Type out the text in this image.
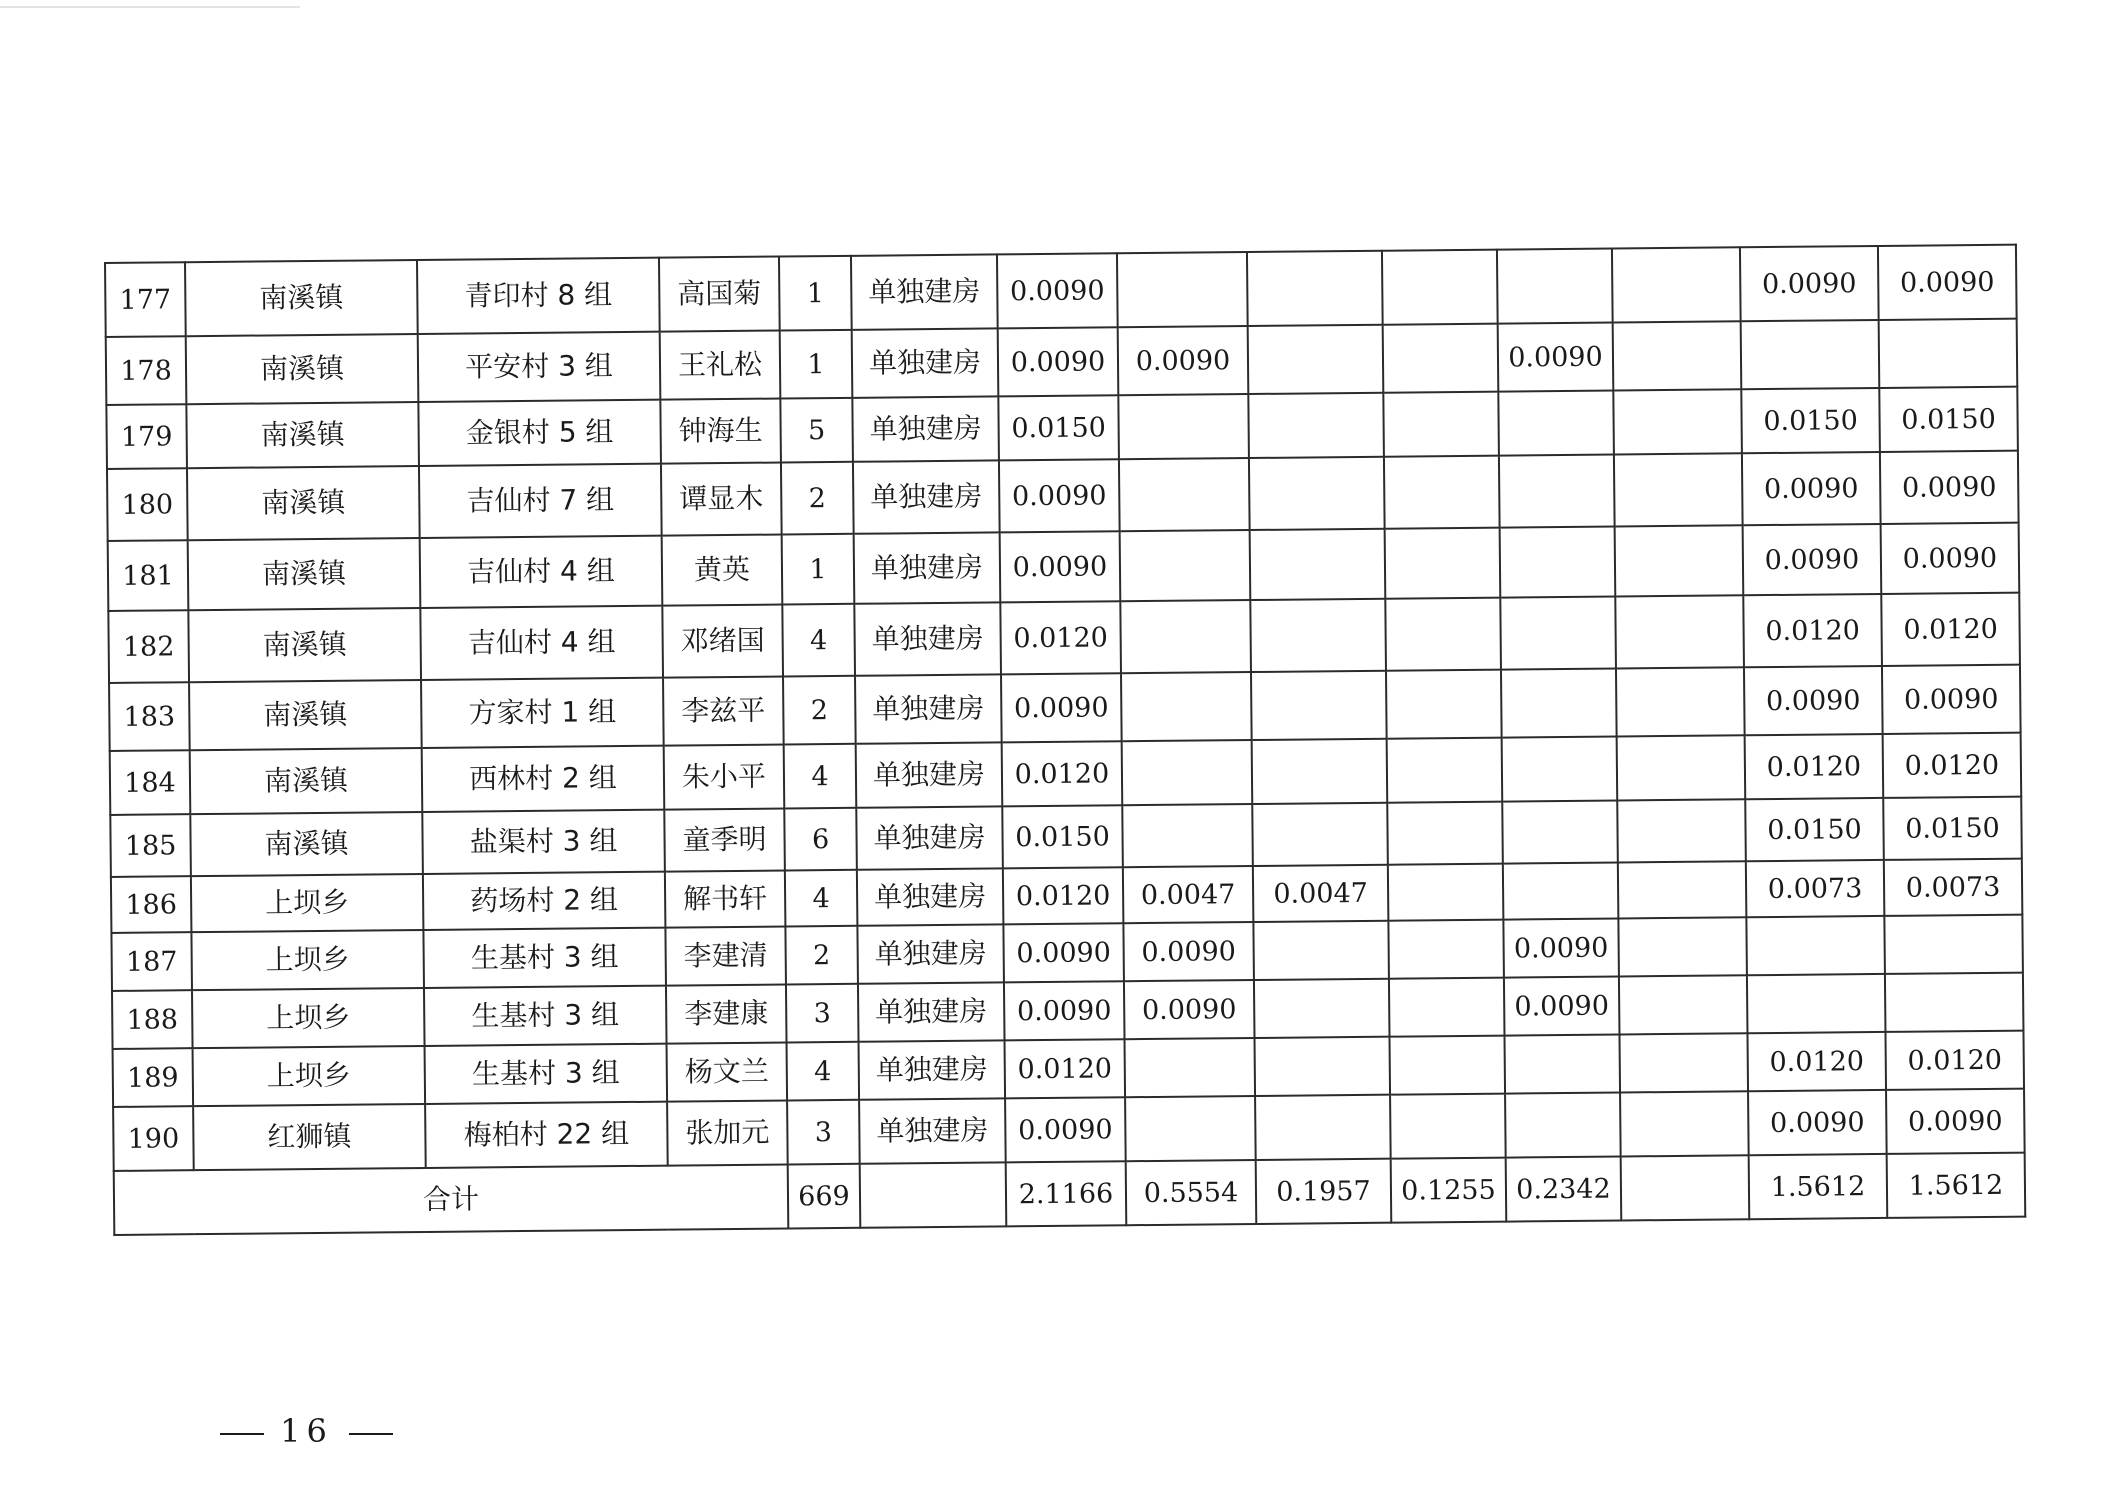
177	南溪镇	青印村 8 组	高国菊	1	单独建房	0.0090						0.0090	0.0090
178	南溪镇	平安村 3 组	王礼松	1	单独建房	0.0090	0.0090			0.0090			
179	南溪镇	金银村 5 组	钟海生	5	单独建房	0.0150						0.0150	0.0150
180	南溪镇	吉仙村 7 组	谭显木	2	单独建房	0.0090						0.0090	0.0090
181	南溪镇	吉仙村 4 组	黄英	1	单独建房	0.0090						0.0090	0.0090
182	南溪镇	吉仙村 4 组	邓绪国	4	单独建房	0.0120						0.0120	0.0120
183	南溪镇	方家村 1 组	李兹平	2	单独建房	0.0090						0.0090	0.0090
184	南溪镇	西林村 2 组	朱小平	4	单独建房	0.0120						0.0120	0.0120
185	南溪镇	盐渠村 3 组	童季明	6	单独建房	0.0150						0.0150	0.0150
186	上坝乡	药场村 2 组	解书轩	4	单独建房	0.0120	0.0047	0.0047				0.0073	0.0073
187	上坝乡	生基村 3 组	李建清	2	单独建房	0.0090	0.0090			0.0090			
188	上坝乡	生基村 3 组	李建康	3	单独建房	0.0090	0.0090			0.0090			
189	上坝乡	生基村 3 组	杨文兰	4	单独建房	0.0120						0.0120	0.0120
190	红狮镇	梅柏村 22 组	张加元	3	单独建房	0.0090						0.0090	0.0090
合计				669		2.1166	0.5554	0.1957	0.1255	0.2342		1.5612	1.5612
16
